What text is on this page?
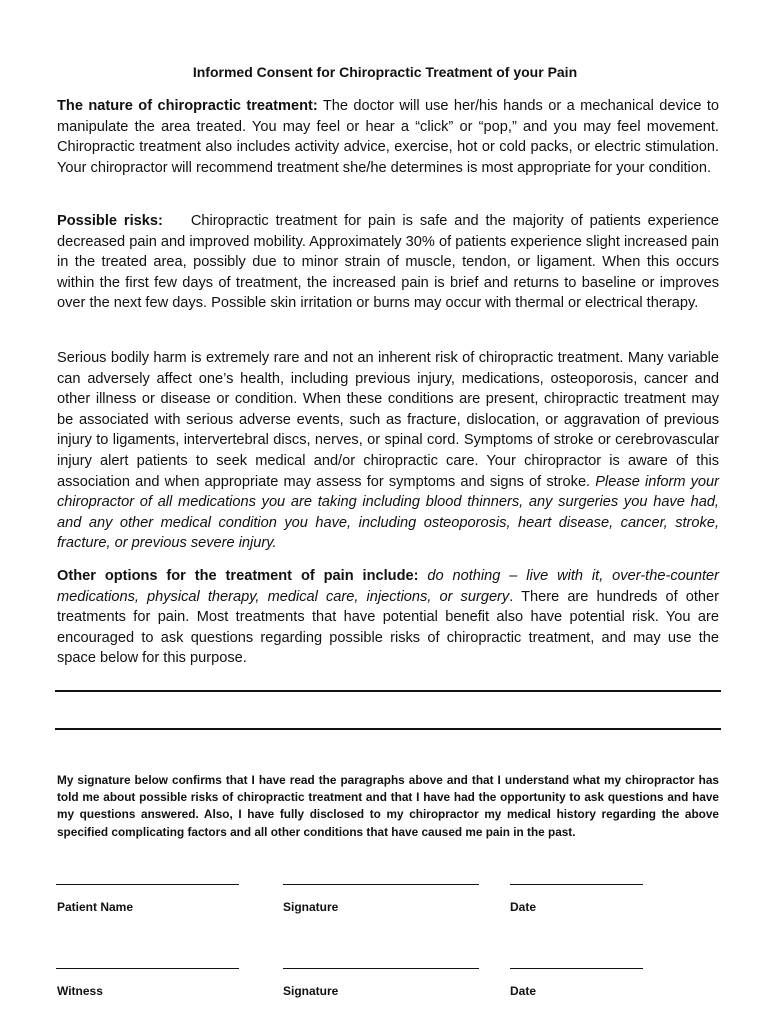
Informed Consent for Chiropractic Treatment of your Pain

The nature of chiropractic treatment: The doctor will use her/his hands or a mechanical device to manipulate the area treated. You may feel or hear a “click” or “pop,” and you may feel movement. Chiropractic treatment also includes activity advice, exercise, hot or cold packs, or electric stimulation. Your chiropractor will recommend treatment she/he determines is most appropriate for your condition.

Possible risks: Chiropractic treatment for pain is safe and the majority of patients experience decreased pain and improved mobility. Approximately 30% of patients experience slight increased pain in the treated area, possibly due to minor strain of muscle, tendon, or ligament. When this occurs within the first few days of treatment, the increased pain is brief and returns to baseline or improves over the next few days. Possible skin irritation or burns may occur with thermal or electrical therapy.

Serious bodily harm is extremely rare and not an inherent risk of chiropractic treatment. Many variable can adversely affect one’s health, including previous injury, medications, osteoporosis, cancer and other illness or disease or condition. When these conditions are present, chiropractic treatment may be associated with serious adverse events, such as fracture, dislocation, or aggravation of previous injury to ligaments, intervertebral discs, nerves, or spinal cord. Symptoms of stroke or cerebrovascular injury alert patients to seek medical and/or chiropractic care. Your chiropractor is aware of this association and when appropriate may assess for symptoms and signs of stroke. Please inform your chiropractor of all medications you are taking including blood thinners, any surgeries you have had, and any other medical condition you have, including osteoporosis, heart disease, cancer, stroke, fracture, or previous severe injury.

Other options for the treatment of pain include: do nothing – live with it, over-the-counter medications, physical therapy, medical care, injections, or surgery. There are hundreds of other treatments for pain. Most treatments that have potential benefit also have potential risk. You are encouraged to ask questions regarding possible risks of chiropractic treatment, and may use the space below for this purpose.

My signature below confirms that I have read the paragraphs above and that I understand what my chiropractor has told me about possible risks of chiropractic treatment and that I have had the opportunity to ask questions and have my questions answered. Also, I have fully disclosed to my chiropractor my medical history regarding the above specified complicating factors and all other conditions that have caused me pain in the past.

Patient Name	Signature	Date
Witness	Signature	Date
